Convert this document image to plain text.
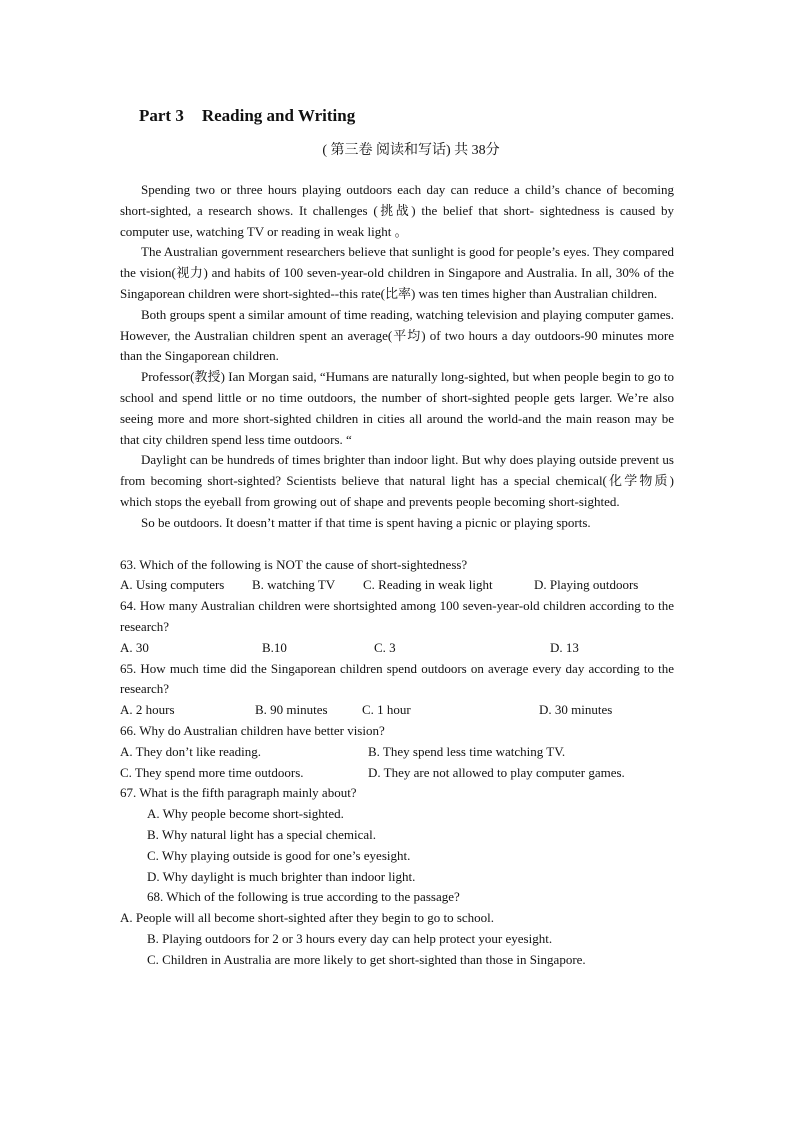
Part 3 Reading and Writing
( 第三卷 阅读和写话) 共 38分

Spending two or three hours playing outdoors each day can reduce a child’s chance of becoming short-sighted, a research shows. It challenges (挑战) the belief that short- sightedness is caused by computer use, watching TV or reading in weak light 。

The Australian government researchers believe that sunlight is good for people’s eyes. They compared the vision(视力) and habits of 100 seven-year-old children in Singapore and Australia. In all, 30% of the Singaporean children were short-sighted--this rate(比率) was ten times higher than Australian children.

Both groups spent a similar amount of time reading, watching television and playing computer games. However, the Australian children spent an average(平均) of two hours a day outdoors-90 minutes more than the Singaporean children.

Professor(教授) Ian Morgan said, “Humans are naturally long-sighted, but when people begin to go to school and spend little or no time outdoors, the number of short-sighted people gets larger. We’re also seeing more and more short-sighted children in cities all around the world-and the main reason may be that city children spend less time outdoors. “

Daylight can be hundreds of times brighter than indoor light. But why does playing outside prevent us from becoming short-sighted? Scientists believe that natural light has a special chemical(化学物质) which stops the eyeball from growing out of shape and prevents people becoming short-sighted.

So be outdoors. It doesn’t matter if that time is spent having a picnic or playing sports.

63. Which of the following is NOT the cause of short-sightedness?

A. Using computers B. watching TV C. Reading in weak light	D. Playing outdoors

64. How many Australian children were shortsighted among 100 seven-year-old children according to the research?

A. 30	B.10	C. 3	D. 13

65. How much time did the Singaporean children spend outdoors on average every day according to the research?

A. 2 hours	B. 90 minutes	C. 1 hour	D. 30 minutes

66. Why do Australian children have better vision?

A. They don’t like reading.	B. They spend less time watching TV.
C. They spend more time outdoors.	D. They are not allowed to play computer games.

67. What is the fifth paragraph mainly about?

A. Why people become short-sighted.

B. Why natural light has a special chemical.

C. Why playing outside is good for one’s eyesight.

D. Why daylight is much brighter than indoor light.

68. Which of the following is true according to the passage?

A. People will all become short-sighted after they begin to go to school.

B. Playing outdoors for 2 or 3 hours every day can help protect your eyesight.

C. Children in Australia are more likely to get short-sighted than those in Singapore.
